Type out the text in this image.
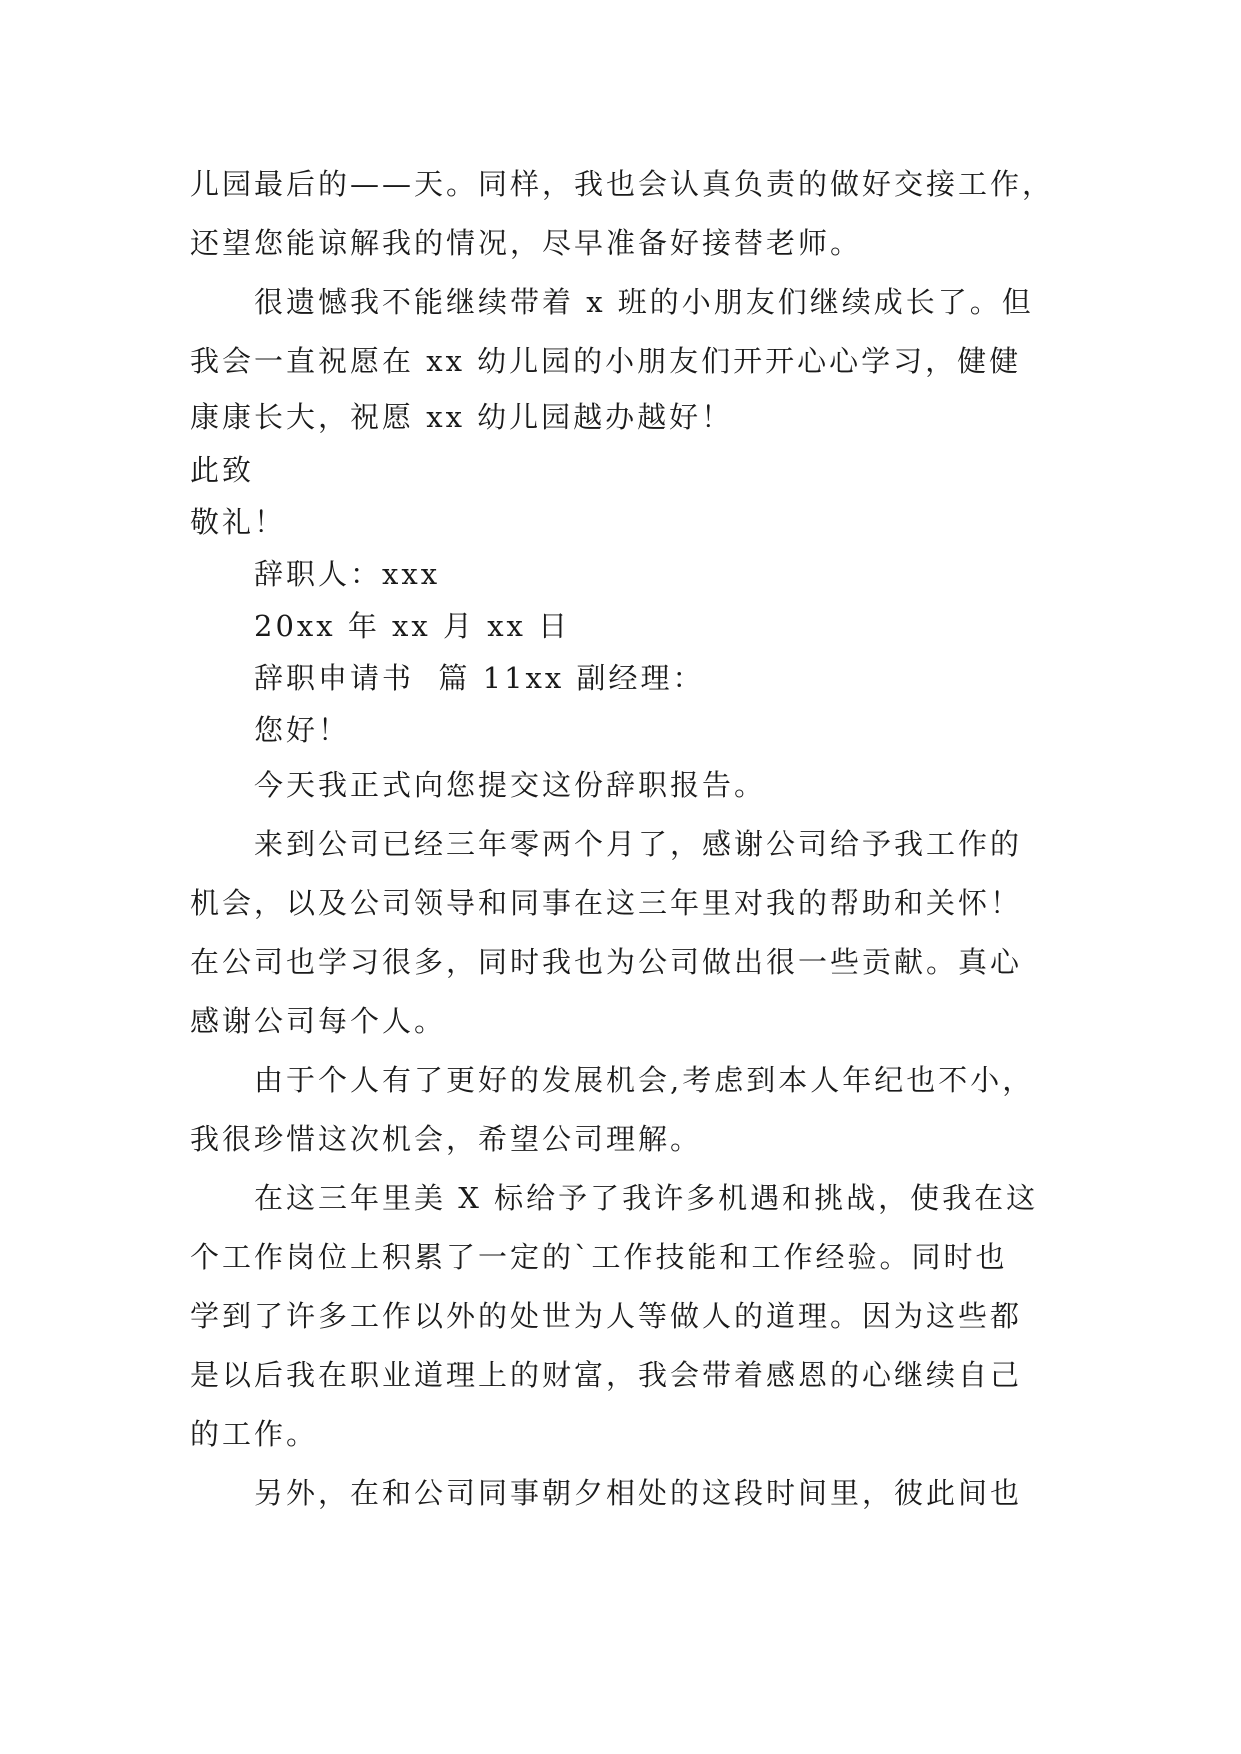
儿园最后的——天。同样，我也会认真负责的做好交接工作，
还望您能谅解我的情况，尽早准备好接替老师。
很遗憾我不能继续带着 x 班的小朋友们继续成长了。但
我会一直祝愿在 xx 幼儿园的小朋友们开开心心学习，健健
康康长大，祝愿 xx 幼儿园越办越好！
此致
敬礼！
辞职人：xxx
20xx 年 xx 月 xx 日
辞职申请书  篇 11xx 副经理：
您好！
今天我正式向您提交这份辞职报告。
来到公司已经三年零两个月了，感谢公司给予我工作的
机会，以及公司领导和同事在这三年里对我的帮助和关怀！
在公司也学习很多，同时我也为公司做出很一些贡献。真心
感谢公司每个人。
由于个人有了更好的发展机会,考虑到本人年纪也不小，
我很珍惜这次机会，希望公司理解。
在这三年里美 X 标给予了我许多机遇和挑战，使我在这
个工作岗位上积累了一定的`工作技能和工作经验。同时也
学到了许多工作以外的处世为人等做人的道理。因为这些都
是以后我在职业道理上的财富，我会带着感恩的心继续自己
的工作。
另外，在和公司同事朝夕相处的这段时间里，彼此间也
